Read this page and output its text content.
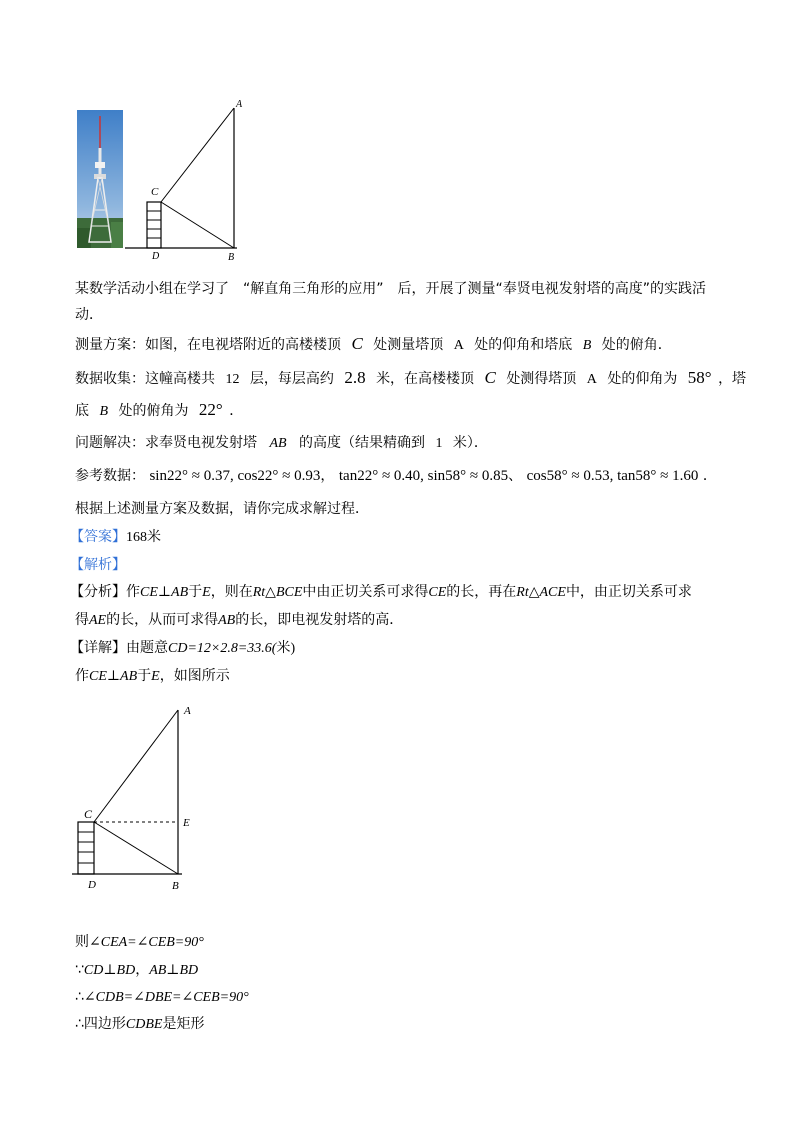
A
C
D	B
某数学活动小组在学习了　“解直角三角形的应用”　后，开展了测量“奉贤电视发射塔的高度”的实践活
动．
测量方案：如图，在电视塔附近的高楼楼顶 C 处测量塔顶 A 处的仰角和塔底 B 处的俯角．
数据收集：这幢高楼共 12 层，每层高约 2.8 米，在高楼楼顶 C 处测得塔顶 A 处的仰角为 58° ，塔
底 B 处的俯角为 22° ．
问题解决：求奉贤电视发射塔 AB 的高度（结果精确到 1 米）．
参考数据： sin22° ≈ 0.37, cos22° ≈ 0.93， tan22° ≈ 0.40, sin58° ≈ 0.85、 cos58° ≈ 0.53, tan58° ≈ 1.60 ．
根据上述测量方案及数据，请你完成求解过程．
【答案】168米
【解析】
【分析】作CE⊥AB于E，则在Rt△BCE中由正切关系可求得CE的长，再在Rt△ACE中，由正切关系可求
得AE的长，从而可求得AB的长，即电视发射塔的高．
【详解】由题意CD=12×2.8=33.6(米)
作CE⊥AB于E，如图所示
A
C
E
D	B
则∠CEA=∠CEB=90°
∵CD⊥BD，AB⊥BD
∴∠CDB=∠DBE=∠CEB=90°
∴四边形CDBE是矩形
